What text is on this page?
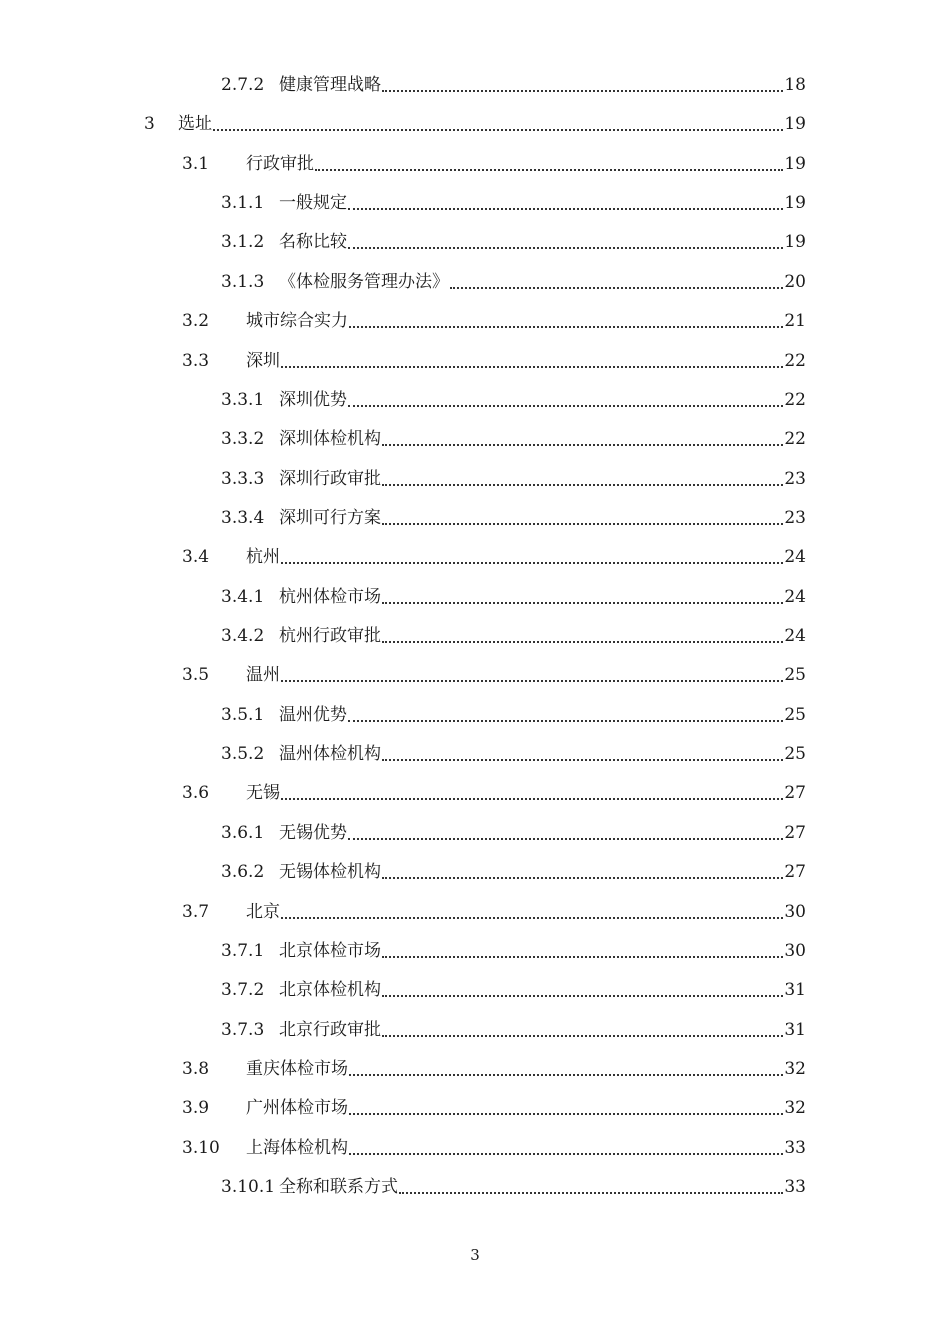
2.7.2 健康管理战略	18
3	选址	19
3.1	行政审批	19
3.1.1 一般规定	19
3.1.2 名称比较	19
3.1.3 《体检服务管理办法》	20
3.2	城市综合实力	21
3.3	深圳	22
3.3.1 深圳优势	22
3.3.2 深圳体检机构	22
3.3.3 深圳行政审批	23
3.3.4 深圳可行方案	23
3.4	杭州	24
3.4.1 杭州体检市场	24
3.4.2 杭州行政审批	24
3.5	温州	25
3.5.1 温州优势	25
3.5.2 温州体检机构	25
3.6	无锡	27
3.6.1 无锡优势	27
3.6.2 无锡体检机构	27
3.7	北京	30
3.7.1 北京体检市场	30
3.7.2 北京体检机构	31
3.7.3 北京行政审批	31
3.8	重庆体检市场	32
3.9	广州体检市场	32
3.10	上海体检机构	33
3.10.1 全称和联系方式	33
3
